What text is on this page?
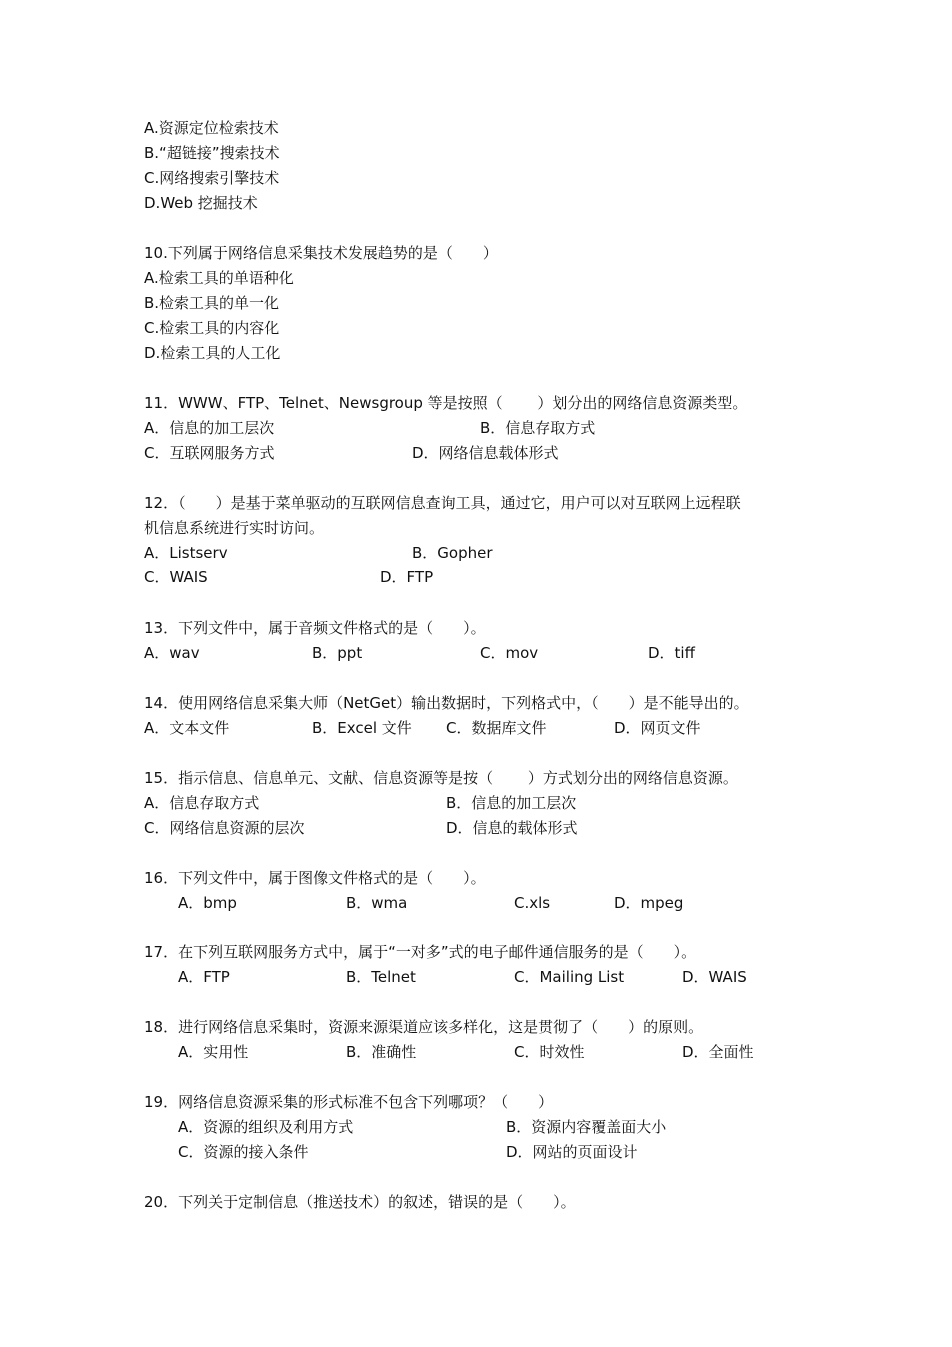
A.资源定位检索技术
B.“超链接”搜索技术
C.网络搜索引擎技术
D.Web 挖掘技术
10.下列属于网络信息采集技术发展趋势的是（　　）
A.检索工具的单语种化
B.检索工具的单一化
C.检索工具的内容化
D.检索工具的人工化
11．WWW、FTP、Telnet、Newsgroup 等是按照（　　 ）划分出的网络信息资源类型。
A．信息的加工层次	B．信息存取方式
C．互联网服务方式	D．网络信息载体形式
12．（　　）是基于菜单驱动的互联网信息查询工具，通过它，用户可以对互联网上远程联
机信息系统进行实时访问。
A．Listserv	B．Gopher
C．WAIS	D．FTP
13．下列文件中，属于音频文件格式的是（　　）。
A．wav	B．ppt	C．mov	D．tiff
14．使用网络信息采集大师（NetGet）输出数据时，下列格式中，（　　）是不能导出的。
A．文本文件	B．Excel 文件 C．数据库文件	D．网页文件
15．指示信息、信息单元、文献、信息资源等是按（　　 ）方式划分出的网络信息资源。
A．信息存取方式	B．信息的加工层次
C．网络信息资源的层次	D．信息的载体形式
16．下列文件中，属于图像文件格式的是（　　）。
A．bmp	B．wma	C.xls	D．mpeg
17．在下列互联网服务方式中，属于“一对多”式的电子邮件通信服务的是（　　）。
A．FTP	B．Telnet	C．Mailing List	D．WAIS
18．进行网络信息采集时，资源来源渠道应该多样化，这是贯彻了（　　）的原则。
A．实用性	B．准确性	C．时效性	D．全面性
19．网络信息资源采集的形式标准不包含下列哪项？（　　）
A．资源的组织及利用方式	B．资源内容覆盖面大小
C．资源的接入条件	D．网站的页面设计
20．下列关于定制信息（推送技术）的叙述，错误的是（　　）。
